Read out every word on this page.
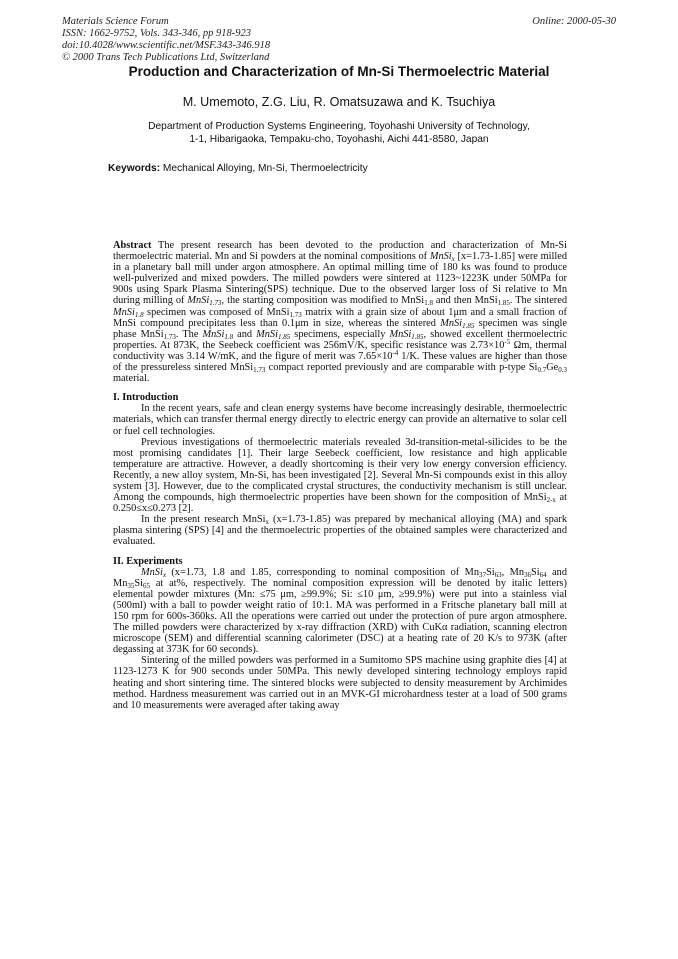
Materials Science Forum
ISSN: 1662-9752, Vols. 343-346, pp 918-923
doi:10.4028/www.scientific.net/MSF.343-346.918
© 2000 Trans Tech Publications Ltd, Switzerland
Online: 2000-05-30
Production and Characterization of Mn-Si Thermoelectric Material
M. Umemoto, Z.G. Liu, R. Omatsuzawa and K. Tsuchiya
Department of Production Systems Engineering, Toyohashi University of Technology,
1-1, Hibarigaoka, Tempaku-cho, Toyohashi, Aichi 441-8580, Japan
Keywords: Mechanical Alloying, Mn-Si, Thermoelectricity

Abstract The present research has been devoted to the production and characterization of Mn-Si thermoelectric material. Mn and Si powders at the nominal compositions of MnSi$_x$ [x=1.73-1.85] were milled in a planetary ball mill under argon atmosphere. An optimal milling time of 180 ks was found to produce well-pulverized and mixed powders. The milled powders were sintered at 1123~1223K under 50MPa for 900s using Spark Plasma Sintering(SPS) technique. Due to the observed larger loss of Si relative to Mn during milling of MnSi$_{1.73}$, the starting composition was modified to MnSi$_{1.8}$ and then MnSi$_{1.85}$. The sintered MnSi$_{1.8}$ specimen was composed of MnSi$_{1.73}$ matrix with a grain size of about 1μm and a small fraction of MnSi compound precipitates less than 0.1μm in size, whereas the sintered MnSi$_{1.85}$ specimen was single phase MnSi$_{1.73}$. The MnSi$_{1.8}$ and MnSi$_{1.85}$ specimens, especially MnSi$_{1.85}$, showed excellent thermoelectric properties. At 873K, the Seebeck coefficient was 256mV/K, specific resistance was $2.73\times 10^{-5}$ Ωm, thermal conductivity was 3.14 W/mK, and the figure of merit was $7.65\times 10^{-4}$ 1/K. These values are higher than those of the pressureless sintered MnSi$_{1.73}$ compact reported previously and are comparable with p-type $Si_{0.7}Ge_{0.3}$ material.

I. Introduction

In the recent years, safe and clean energy systems have become increasingly desirable, thermoelectric materials, which can transfer thermal energy directly to electric energy can provide an alternative to solar cell or fuel cell technologies.

Previous investigations of thermoelectric materials revealed 3d-transition-metal-silicides to be the most promising candidates [1]. Their large Seebeck coefficient, low resistance and high applicable temperature are attractive. However, a deadly shortcoming is their very low energy conversion efficiency. Recently, a new alloy system, Mn-Si, has been investigated [2]. Several Mn-Si compounds exist in this alloy system [3]. However, due to the complicated crystal structures, the conductivity mechanism is still unclear. Among the compounds, high thermoelectric properties have been shown for the composition of MnSi$_{2-x}$ at 0.250≤x≤0.273 [2].

In the present research MnSi$_x$ (x=1.73-1.85) was prepared by mechanical alloying (MA) and spark plasma sintering (SPS) [4] and the thermoelectric properties of the obtained samples were characterized and evaluated.

II. Experiments

MnSi$_x$ (x=1.73, 1.8 and 1.85, corresponding to nominal composition of $Mn_{37}Si_{63}$, $Mn_{36}Si_{64}$ and $Mn_{35}Si_{65}$ at at%, respectively. The nominal composition expression will be denoted by italic letters) elemental powder mixtures (Mn: ≤75 μm, ≥99.9%; Si: ≤10 μm, ≥99.9%) were put into a stainless vial (500ml) with a ball to powder weight ratio of 10:1. MA was performed in a Fritsche planetary ball mill at 150 rpm for 600s-360ks. All the operations were carried out under the protection of pure argon atmosphere. The milled powders were characterized by x-ray diffraction (XRD) with CuKα radiation, scanning electron microscope (SEM) and differential scanning calorimeter (DSC) at a heating rate of 20 K/s to 973K (after degassing at 373K for 60 seconds).

Sintering of the milled powders was performed in a Sumitomo SPS machine using graphite dies [4] at 1123-1273 K for 900 seconds under 50MPa. This newly developed sintering technology employs rapid heating and short sintering time. The sintered blocks were subjected to density measurement by Archimides method. Hardness measurement was carried out in an MVK-GI microhardness tester at a load of 500 grams and 10 measurements were averaged after taking away
